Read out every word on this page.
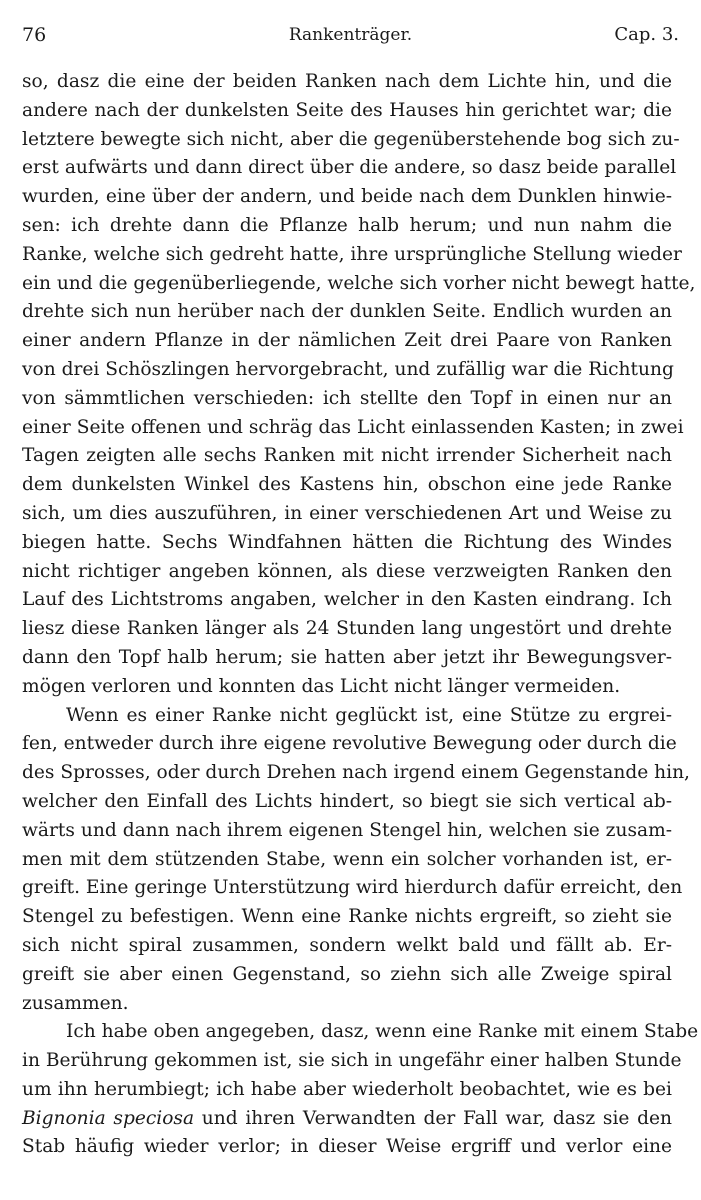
76	Rankenträger.	Cap. 3.
so, dasz die eine der beiden Ranken nach dem Lichte hin, und die
andere nach der dunkelsten Seite des Hauses hin gerichtet war; die
letztere bewegte sich nicht, aber die gegenüberstehende bog sich zu-
erst aufwärts und dann direct über die andere, so dasz beide parallel
wurden, eine über der andern, und beide nach dem Dunklen hinwie-
sen: ich drehte dann die Pflanze halb herum; und nun nahm die
Ranke, welche sich gedreht hatte, ihre ursprüngliche Stellung wieder
ein und die gegenüberliegende, welche sich vorher nicht bewegt hatte,
drehte sich nun herüber nach der dunklen Seite. Endlich wurden an
einer andern Pflanze in der nämlichen Zeit drei Paare von Ranken
von drei Schöszlingen hervorgebracht, und zufällig war die Richtung
von sämmtlichen verschieden: ich stellte den Topf in einen nur an
einer Seite offenen und schräg das Licht einlassenden Kasten; in zwei
Tagen zeigten alle sechs Ranken mit nicht irrender Sicherheit nach
dem dunkelsten Winkel des Kastens hin, obschon eine jede Ranke
sich, um dies auszuführen, in einer verschiedenen Art und Weise zu
biegen hatte. Sechs Windfahnen hätten die Richtung des Windes
nicht richtiger angeben können, als diese verzweigten Ranken den
Lauf des Lichtstroms angaben, welcher in den Kasten eindrang. Ich
liesz diese Ranken länger als 24 Stunden lang ungestört und drehte
dann den Topf halb herum; sie hatten aber jetzt ihr Bewegungsver-
mögen verloren und konnten das Licht nicht länger vermeiden.
Wenn es einer Ranke nicht geglückt ist, eine Stütze zu ergrei-
fen, entweder durch ihre eigene revolutive Bewegung oder durch die
des Sprosses, oder durch Drehen nach irgend einem Gegenstande hin,
welcher den Einfall des Lichts hindert, so biegt sie sich vertical ab-
wärts und dann nach ihrem eigenen Stengel hin, welchen sie zusam-
men mit dem stützenden Stabe, wenn ein solcher vorhanden ist, er-
greift. Eine geringe Unterstützung wird hierdurch dafür erreicht, den
Stengel zu befestigen. Wenn eine Ranke nichts ergreift, so zieht sie
sich nicht spiral zusammen, sondern welkt bald und fällt ab. Er-
greift sie aber einen Gegenstand, so ziehn sich alle Zweige spiral
zusammen.
Ich habe oben angegeben, dasz, wenn eine Ranke mit einem Stabe
in Berührung gekommen ist, sie sich in ungefähr einer halben Stunde
um ihn herumbiegt; ich habe aber wiederholt beobachtet, wie es bei
Bignonia speciosa und ihren Verwandten der Fall war, dasz sie den
Stab häufig wieder verlor; in dieser Weise ergriff und verlor eine
